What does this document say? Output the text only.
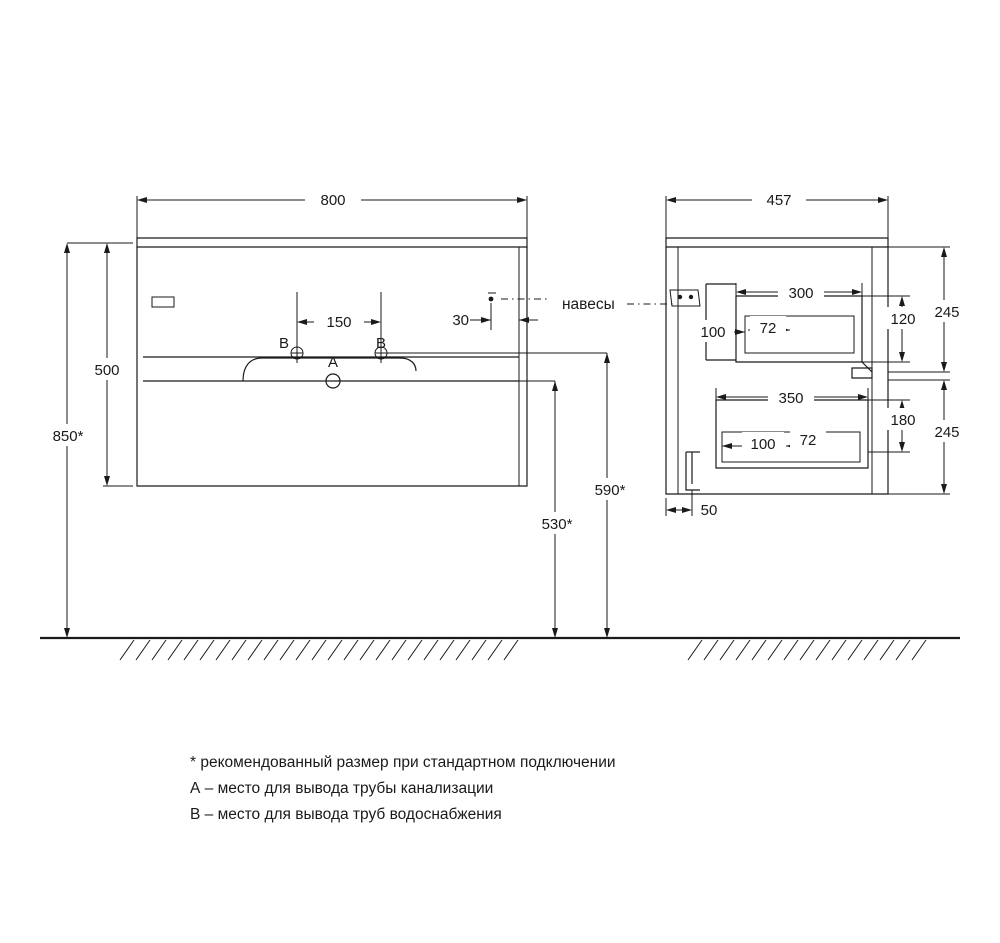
800
500
850*
150	30
530*
590*
В	В
А
навесы
457
300
100 72
120 245
350
100 72
180
245
50
* рекомендованный размер при стандартном подключении
А – место для вывода трубы канализации
В – место для вывода труб водоснабжения
